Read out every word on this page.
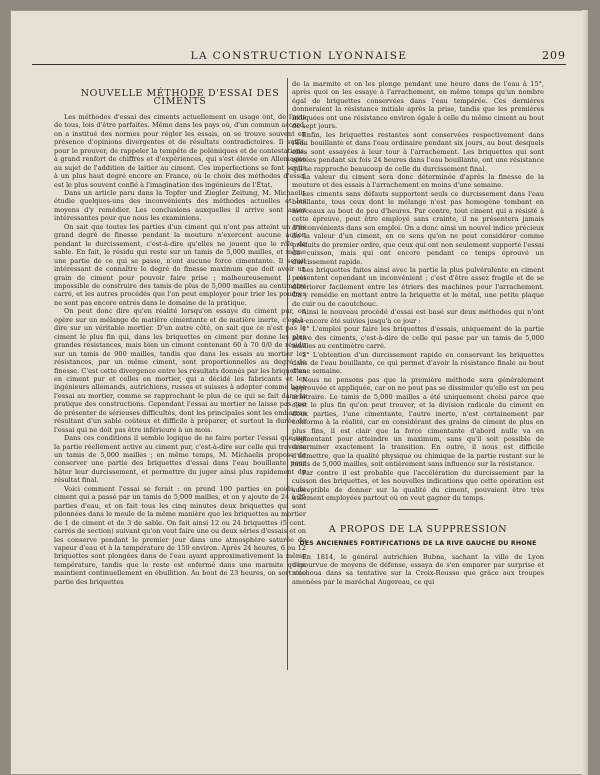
LA CONSTRUCTION LYONNAISE	209
NOUVELLE MÉTHODE D'ESSAI DES CIMENTS

Les méthodes d'essai des ciments actuellement en usage ont, de l'avis de tous, lois d'être parfaites. Même dans les pays où, d'un commun accord, on a institué des normes pour régler les essais, on se trouve souvent en présence d'opinions divergentes et de résultats contradictoires. Il suffit, pour le prouver, de rappeler la tempête de polémiques et de contestations, à grand renfort de chiffres et d'expériences, qui s'est élevée en Allemagne au sujet de l'addition de laitier au ciment. Ces imperfections se font sentir à un plus haut degré encore en France, où le choix des méthodes d'essai est le plus souvent confié à l'imagination des ingénieurs de l'État.

Dans un article paru dans la Topfer und Ziegler Zeitung, M. Michaelis étudie quelques-uns des inconvénients des méthodes actuelles et les moyens d'y remédier. Les conclusions auxquelles il arrive sont assez intéressantes pour que nous les examinions.

On sait que toutes les parties d'un ciment qui n'ont pas atteint un très grand degré de finesse pendant la mouture n'exercent aucune action pendant le durcissement, c'est-à-dire qu'elles ne jouent que le rôle de sable. En fait, le résidu qui reste sur un tamis de 5,000 mailles, et même une partie de ce qui se passe, n'ont aucune force cimentante. Il serait intéressant de connaître le degré de finesse maximum que doit avoir un grain de ciment pour pouvoir faire prise ; malheureusement il est impossible de construire des tamis de plus de 5,000 mailles au centimètre carré, et les autres procédés que l'on peut employer pour trier les poudres ne sont pas encore entrés dans le domaine de la pratique.

On peut donc dire qu'en réalité lorsqu'on essaye du ciment pur, on opère sur un mélange de matière cimentante et de matière inerte, c'est-à-dire sur un véritable mortier. D'un autre côté, on sait que ce n'est pas le ciment le plus fin qui, dans les briquettes en ciment pur donne les plus grandes résistances, mais bien un ciment contenant 60 à 70 0/0 de résidu sur un tamis de 900 mailles, tandis que dans les essais au mortier les résistances, par un même ciment, sont proportionnelles au degré de finesse. C'est cette divergence entre les résultats donnés par les briquettes en ciment pur et celles en mortier, qui a décidé les fabricants et les ingénieurs allemands, autrichiens, russes et suisses à adopter comme base l'essai au mortier, comme se rapprochant le plus de ce qui se fait dans la pratique des constructions. Cependant l'essai au mortier ne laisse pas que de présenter de sérieuses difficultés, dont les principales sont les embarras résultant d'un sable coûteux et difficile à préparer, et surtout la durée de l'essai qui ne doit pas être inférieure à un mois.

Dans ces conditions il semble logique de ne faire porter l'essai que sur la partie réellement active au ciment pur, c'est-à-dire sur celle qui traverse un tamis de 5,000 mailles ; en même temps, M. Michaelis propose de conserver une partie des briquettes d'essai dans l'eau bouillante pour hâter leur durcissement, et permettre du juger ainsi plus rapidement du résultat final.

Voici comment l'essai se ferait : on prend 100 parties en poids du ciment qui a passé par un tamis de 5,000 mailles, et on y ajoute de 24 à 25 parties d'eau, et on fait tous les cinq minutes deux briquettes qui sont pilonnées dans le moule de la même manière que les briquettes au mortier de 1 de ciment et de 3 de sable. On fait ainsi 12 ou 24 briquettes (5 cent. carrés de section) suivant qu'on veut faire une ou deux séries d'essais et on les conserve pendant le premier jour dans une atmosphère saturée de vapeur d'eau et à la température de 150 environ. Après 24 heures, 6 ou 12 briquettes sont plongées dans de l'eau ayant approximativement la même température, tandis que le reste est enfermé dans une marmite qu'on maintient continuellement en ébullition. Au bout de 23 heures, on sort une partie des briquettes

de la marmite et on les plonge pendant une heure dans de l'eau à 15°, après quoi on les essaye à l'arrachement, en même temps qu'un nombre égal de briquettes conservées dans l'eau tempérée. Ces dernières donneraient la résistance initiale après la prise, tandis que les premières indiquées ont une résistance environ égale à celle du même ciment au bout de sept jours.

Enfin, les briquettes restantes sont conservées respectivement dans l'eau bouillante et dans l'eau ordinaire pendant six jours, au bout desquels elles sont essayées à leur tour à l'arrachement. Les briquettes qui sont restées pendant six fois 24 heures dans l'eau bouillante, ont une résistance qui se rapproche beaucoup de celle du durcissement final.

La valeur du ciment sera donc déterminée d'après la finesse de la mouture et des essais à l'arrachement en moins d'une semaine.

Les ciments sans défauts supportent seuls ce durcissement dans l'eau bouillante, tous ceux dont le mélange n'est pas homogène tombant en morceaux au bout de peu d'heures. Par contre, tout ciment qui a résisté à cette épreuve, peut être employé sans crainte, il ne présentera jamais d'inconvénients dans son emploi. On a donc ainsi un nouvel indice précieux de la valeur d'un ciment, en ce sens qu'on ne peut considérer comme produits de premier ordre, que ceux qui ont non seulement supporté l'essai de cuisson, mais qui ont encore pendant ce temps éprouvé un durcissement rapide.

Les briquettes faites ainsi avec la partie la plus pulvérulente en ciment présentent cependant un inconvénient ; c'est d'être assez fragile et de se détériorer facilement entre les étriers des machines pour l'arrachement. On y remédie en mettant entre la briquette et le métal, une petite plaque de cuir ou de caoutchouc.

Ainsi le nouveau procédé d'essai est basé sur deux méthodes qui n'ont pas encore été suivies jusqu'à ce jour :

1° L'emploi pour faire les briquettes d'essais, uniquement de la partie active des ciments, c'est-à-dire de celle qui passe par un tamis de 5,000 mailles au centimètre carré.

2° L'obtention d'un durcissement rapide en conservant les briquettes dans de l'eau bouillante, ce qui permet d'avoir la résistance finale au bout d'une semaine.

Nous ne pensons pas que la première méthode sera généralement approuvée et appliquée, car on ne peut pas se dissimuler qu'elle est un peu arbitraire. Le tamis de 5,000 mailles a été uniquement choisi parce que c'est le plus fin qu'on peut trouver, et la division radicale du ciment en deux parties, l'une cimentante, l'autre inerte, n'est certainement par conforme à la réalité, car en considérant des grains de ciment de plus en plus fins, il est clair que la force cimentante d'abord nulle va en augmentant pour atteindre un maximum, sans qu'il soit possible de déterminer exactement la transition. En outre, il nous est difficile d'admettre, que la qualité physique ou chimique de la partie restant sur le tamis de 5,000 mailles, soit entièrement sans influence sur la résistance.

Par contre il est probable que l'accélération du durcissement par la cuisson des briquettes, et les nouvelles indications que cette opération est susceptible de donner sur la qualité du ciment, pouvaient être très utilement employées partout où on veut gagner du temps.

A PROPOS DE LA SUPPRESSION
DES ANCIENNES FORTIFICATIONS DE LA RIVE GAUCHE DU RHONE

En 1814, le général autrichien Bubna, sachant la ville de Lyon dépourvue de moyens de défense, essaya de s'en emparer par surprise et n'échoua dans sa tentative sur la Croix-Rousse que grâce aux troupes amenées par le maréchal Augereau, ce qui
